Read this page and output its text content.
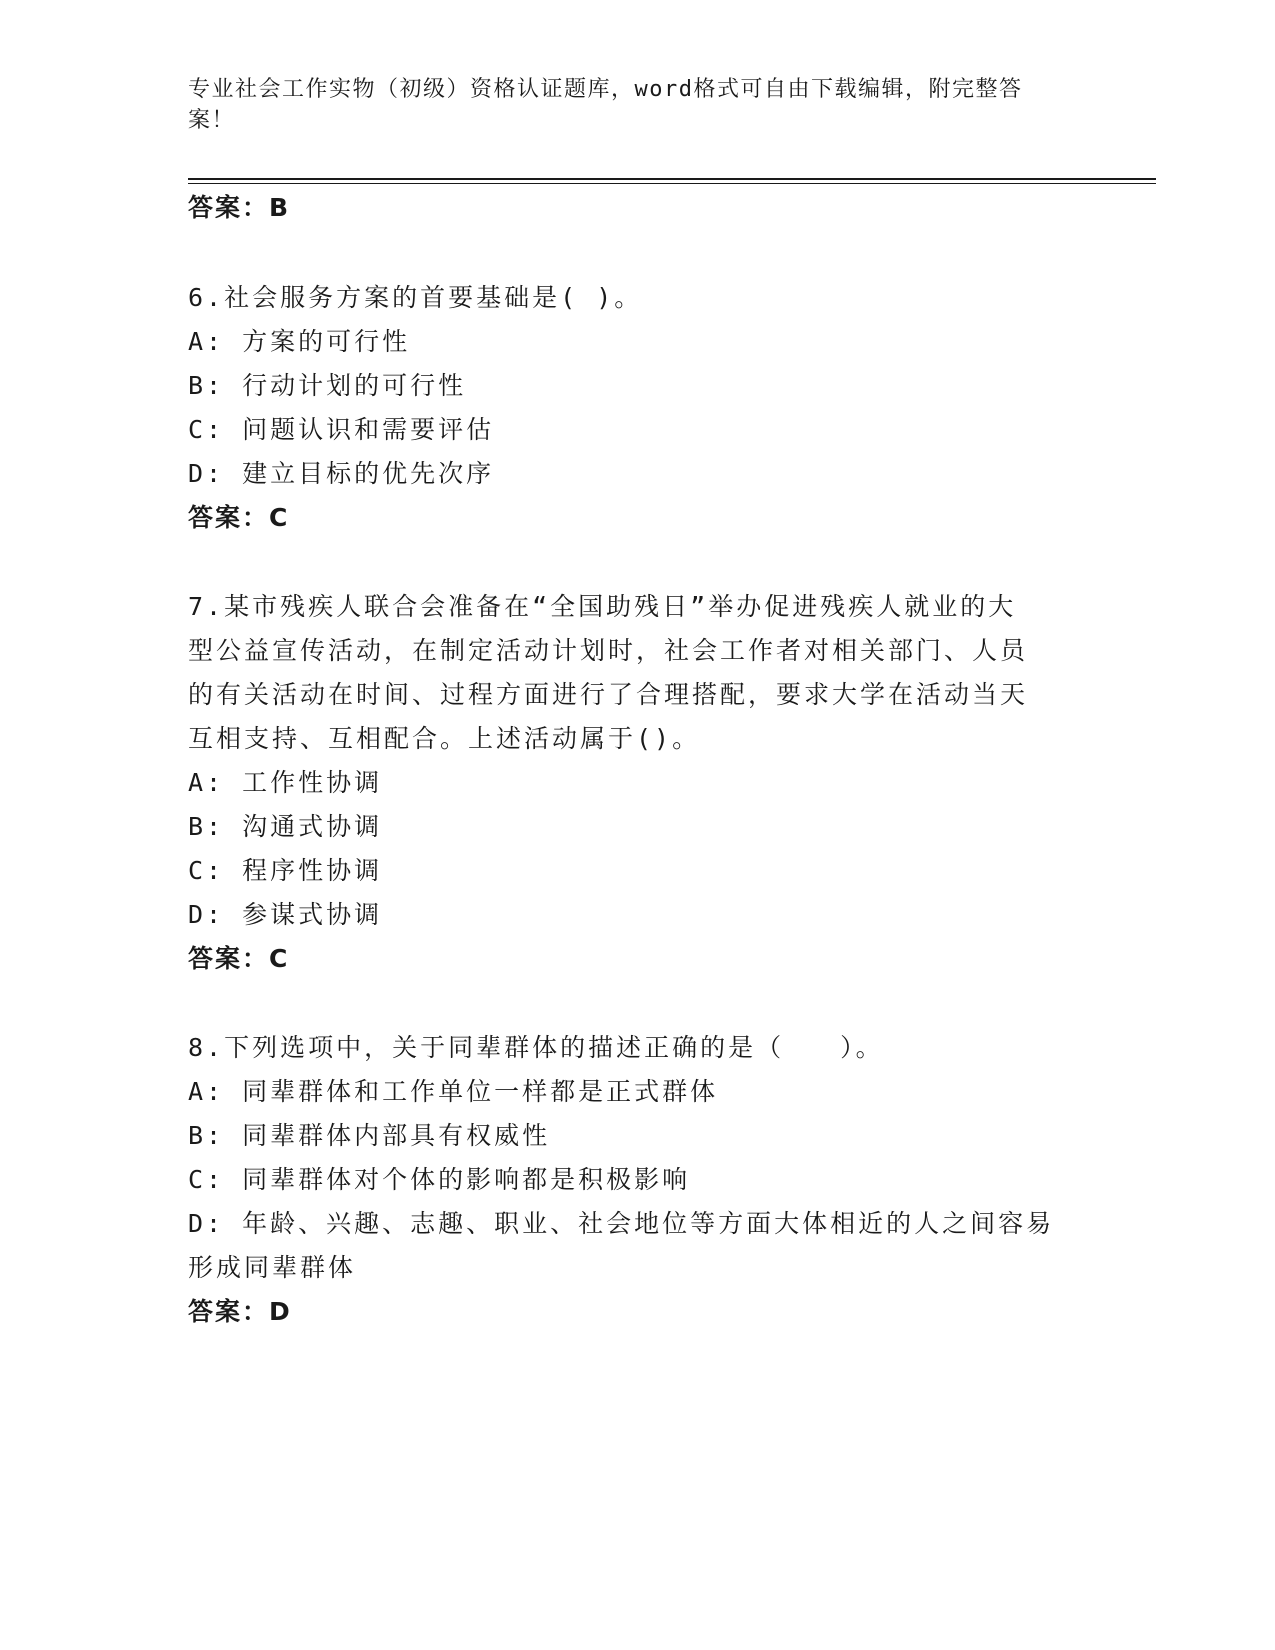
专业社会工作实物（初级）资格认证题库，word格式可自由下载编辑，附完整答案！
答案：B
6.社会服务方案的首要基础是( )。
A: 方案的可行性
B: 行动计划的可行性
C: 问题认识和需要评估
D: 建立目标的优先次序
答案：C
7.某市残疾人联合会准备在“全国助残日”举办促进残疾人就业的大
型公益宣传活动，在制定活动计划时，社会工作者对相关部门、人员
的有关活动在时间、过程方面进行了合理搭配，要求大学在活动当天
互相支持、互相配合。上述活动属于()。
A: 工作性协调
B: 沟通式协调
C: 程序性协调
D: 参谋式协调
答案：C
8.下列选项中，关于同辈群体的描述正确的是（　　）。
A: 同辈群体和工作单位一样都是正式群体
B: 同辈群体内部具有权威性
C: 同辈群体对个体的影响都是积极影响
D: 年龄、兴趣、志趣、职业、社会地位等方面大体相近的人之间容易
形成同辈群体
答案：D
